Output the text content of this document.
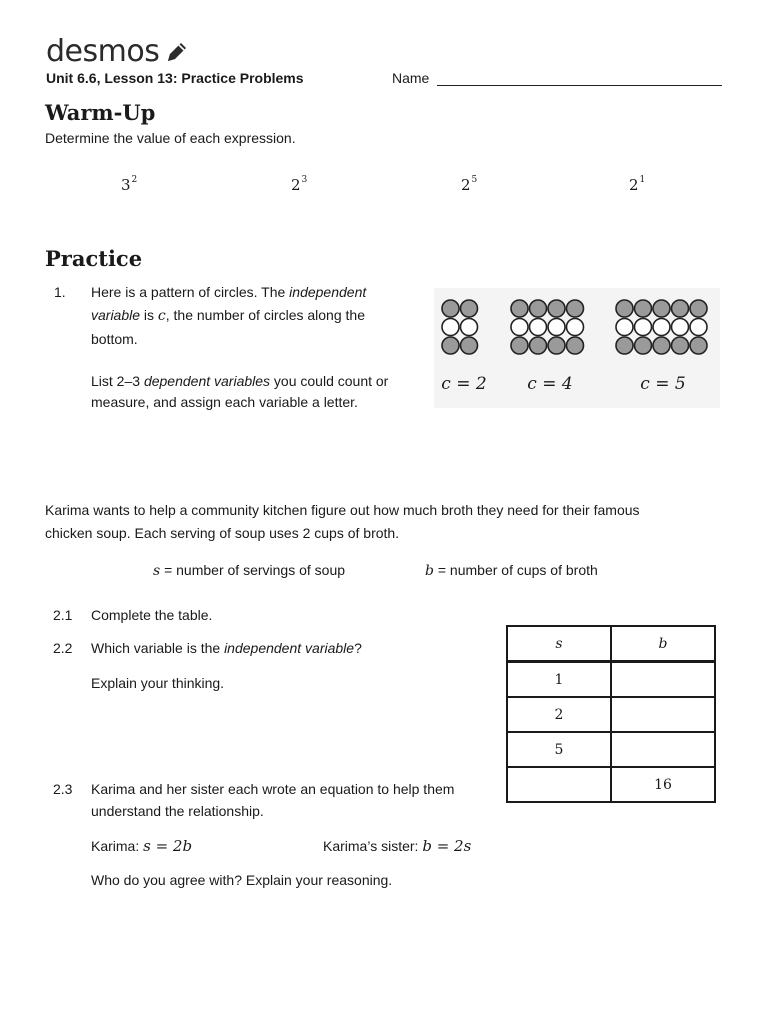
desmos
Unit 6.6, Lesson 13: Practice Problems	Name
Warm-Up
Determine the value of each expression.
$3^2$	$2^3$	$2^5$	$2^1$
Practice
1. Here is a pattern of circles. The independent
variable is c, the number of circles along the
bottom.
List 2–3 dependent variables you could count or
measure, and assign each variable a letter.
c = 2 c = 4	c = 5
Karima wants to help a community kitchen figure out how much broth they need for their famous
chicken soup. Each serving of soup uses 2 cups of broth.
s = number of servings of soup	b = number of cups of broth
2.1 Complete the table.
2.2 Which variable is the independent variable?
Explain your thinking.
s	b
1	
2	
5	
	16
2.3 Karima and her sister each wrote an equation to help them
understand the relationship.
Karima: s = 2b	Karima’s sister: b = 2s
Who do you agree with? Explain your reasoning.
